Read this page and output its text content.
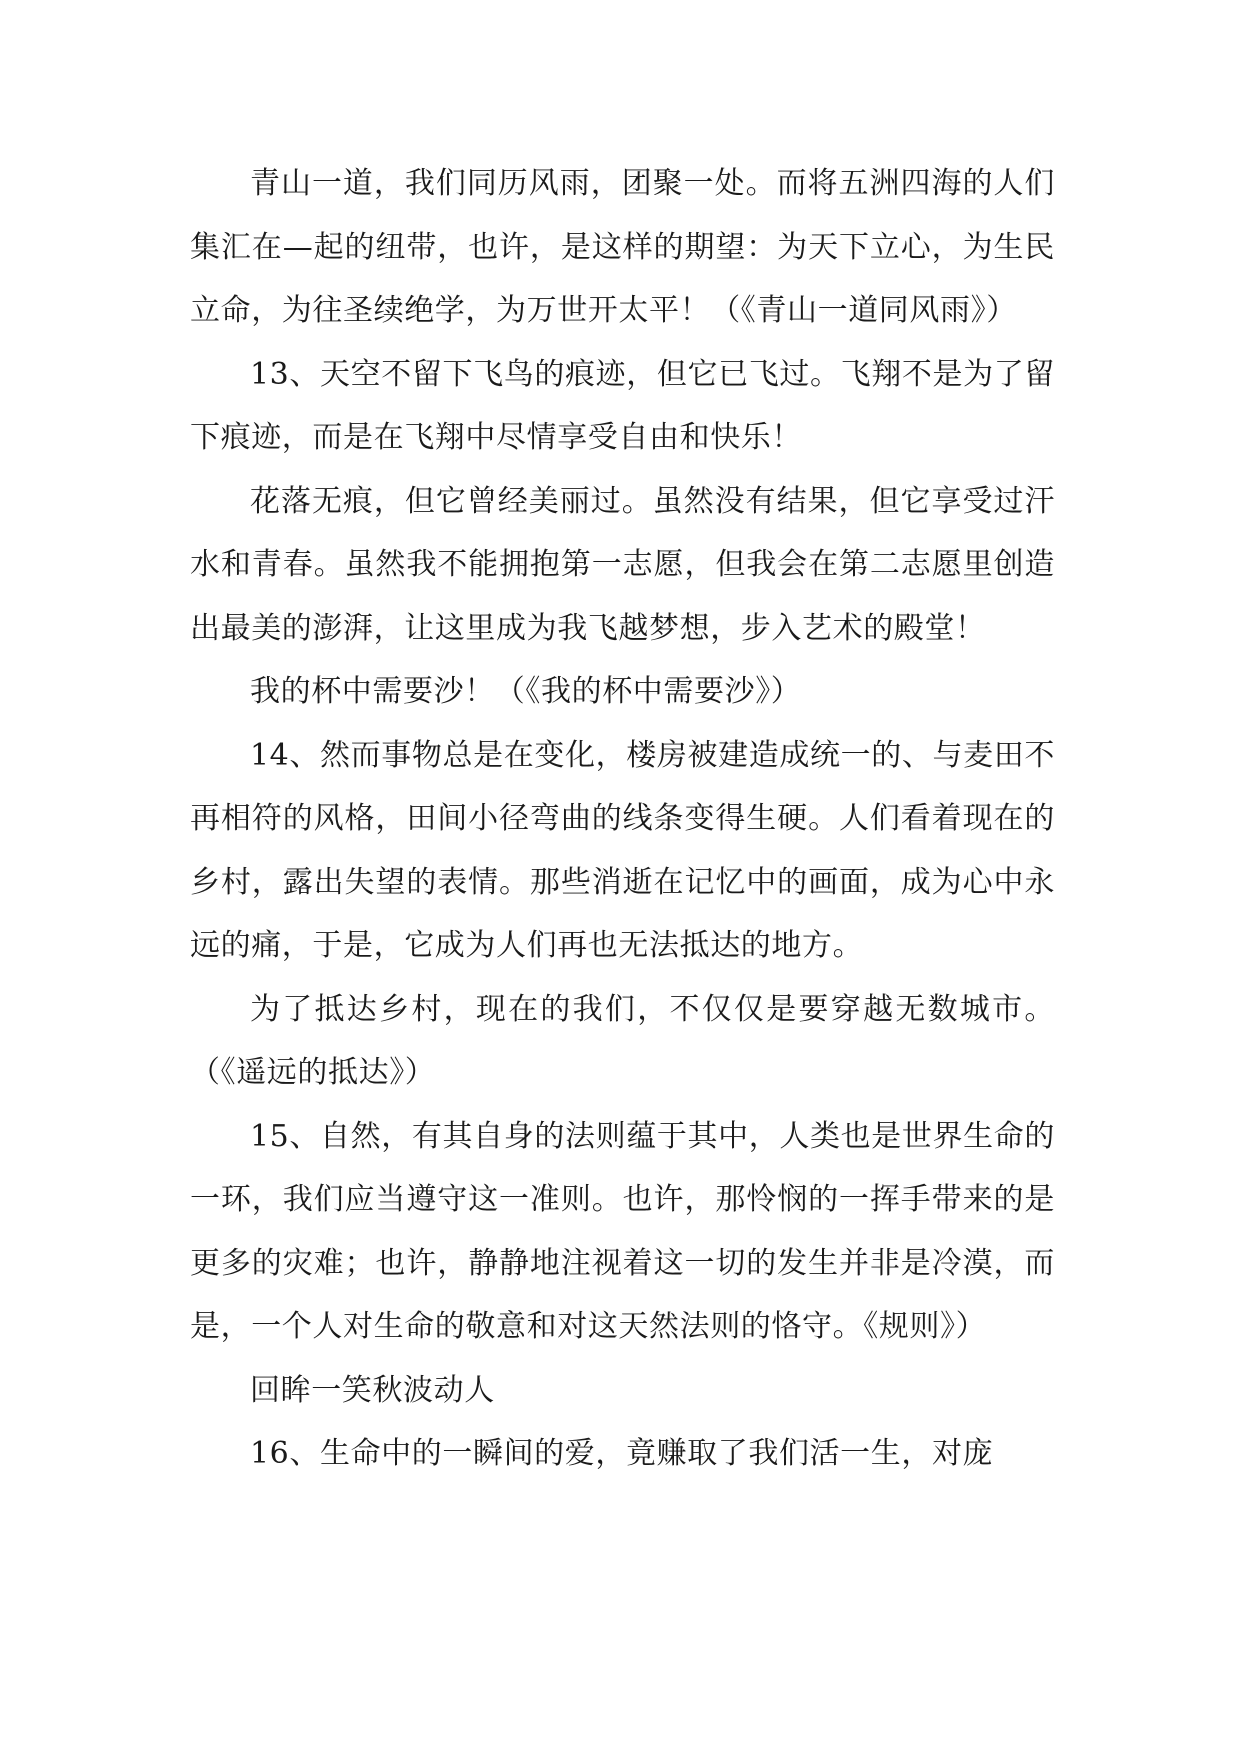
青山一道，我们同历风雨，团聚一处。而将五洲四海的人们集汇在—起的纽带，也许，是这样的期望：为天下立心，为生民立命，为往圣续绝学，为万世开太平！（《青山一道同风雨》）

13、天空不留下飞鸟的痕迹，但它已飞过。飞翔不是为了留下痕迹，而是在飞翔中尽情享受自由和快乐！

花落无痕，但它曾经美丽过。虽然没有结果，但它享受过汗水和青春。虽然我不能拥抱第一志愿，但我会在第二志愿里创造出最美的澎湃，让这里成为我飞越梦想，步入艺术的殿堂！

我的杯中需要沙！（《我的杯中需要沙》）

14、然而事物总是在变化，楼房被建造成统一的、与麦田不再相符的风格，田间小径弯曲的线条变得生硬。人们看着现在的乡村，露出失望的表情。那些消逝在记忆中的画面，成为心中永远的痛，于是，它成为人们再也无法抵达的地方。

为了抵达乡村，现在的我们，不仅仅是要穿越无数城市。（《遥远的抵达》）

15、自然，有其自身的法则蕴于其中，人类也是世界生命的一环，我们应当遵守这一准则。也许，那怜悯的一挥手带来的是更多的灾难；也许，静静地注视着这一切的发生并非是冷漠，而是，一个人对生命的敬意和对这天然法则的恪守。《规则》）

回眸一笑秋波动人

16、生命中的一瞬间的爱，竟赚取了我们活一生，对庞
